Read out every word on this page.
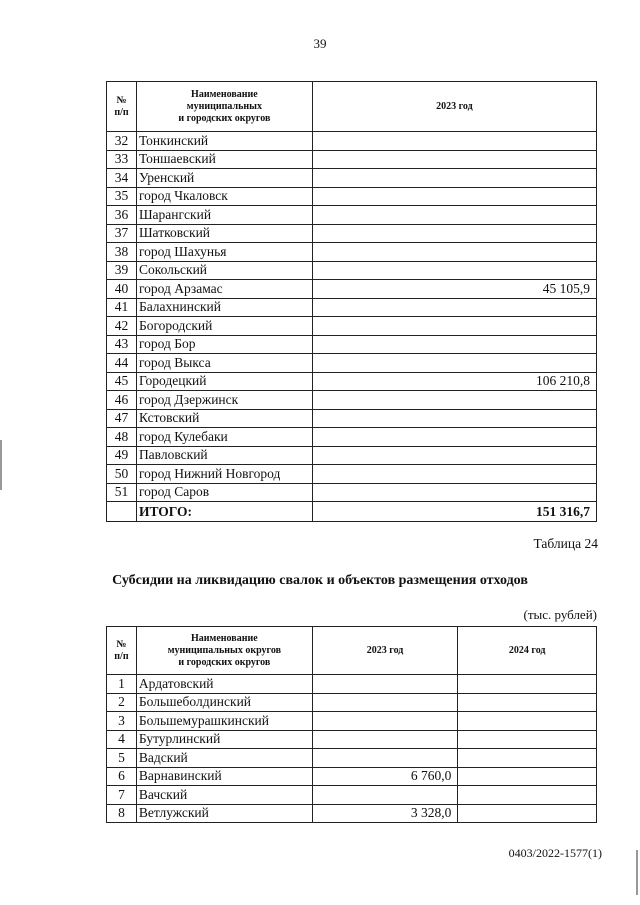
39
№
п/п	Наименование
муниципальных
и городских округов	2023 год
32	Тонкинский	
33	Тоншаевский	
34	Уренский	
35	город Чкаловск	
36	Шарангский	
37	Шатковский	
38	город Шахунья	
39	Сокольский	
40	город Арзамас	45 105,9
41	Балахнинский	
42	Богородский	
43	город Бор	
44	город Выкса	
45	Городецкий	106 210,8
46	город Дзержинск	
47	Кстовский	
48	город Кулебаки	
49	Павловский	
50	город Нижний Новгород	
51	город Саров	
	ИТОГО:	151 316,7
Таблица 24
Субсидии на ликвидацию свалок и объектов размещения отходов
(тыс. рублей)
№
п/п	Наименование
муниципальных округов
и городских округов	2023 год	2024 год
1	Ардатовский		
2	Большеболдинский		
3	Большемурашкинский		
4	Бутурлинский		
5	Вадский		
6	Варнавинский	6 760,0	
7	Вачский		
8	Ветлужский	3 328,0	
0403/2022-1577(1)
